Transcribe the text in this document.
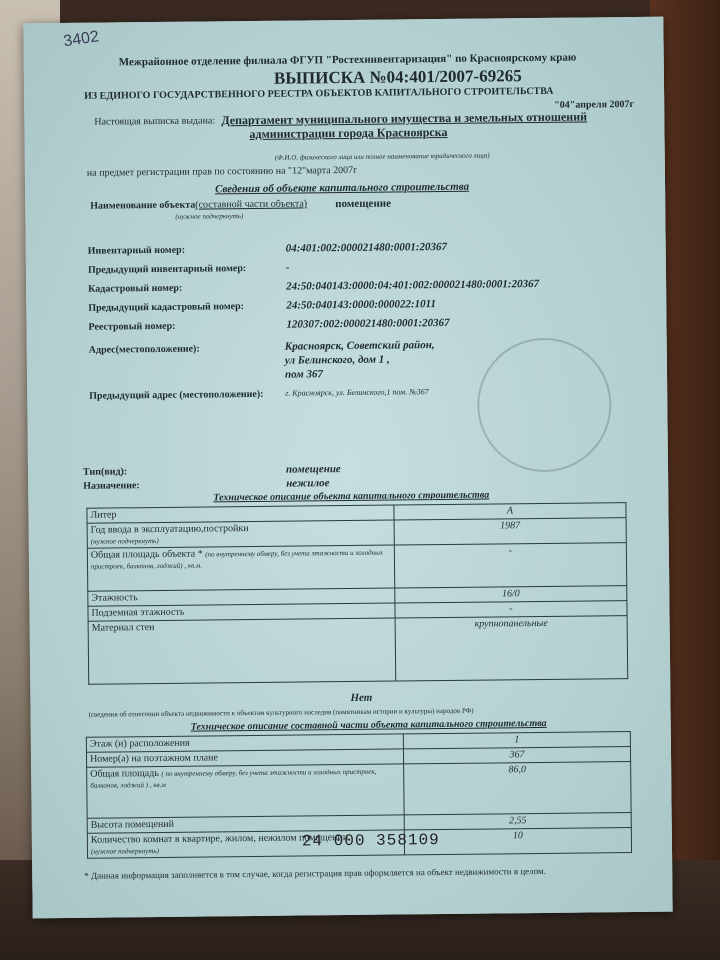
3402
Межрайонное отделение филиала ФГУП "Ростехинвентаризация" по Красноярскому краю
ВЫПИСКА №04:401/2007-69265
ИЗ ЕДИНОГО ГОСУДАРСТВЕННОГО РЕЕСТРА ОБЪЕКТОВ КАПИТАЛЬНОГО СТРОИТЕЛЬСТВА
"04"апреля 2007г
Настоящая выписка выдана: Департамент муниципального имущества и земельных отношений
администрации города Красноярска
(Ф.И.О. физического лица или полное наименование юридического лица)
на предмет регистрации прав по состоянию на "12"марта 2007г
Сведения об объекте капитального строительства
Наименование объекта (составной части объекта)
(нужное подчеркнуть)
помещение
Инвентарный номер:	04:401:002:000021480:0001:20367
Предыдущий инвентарный номер:	-
Кадастровый номер:	24:50:040143:0000:04:401:002:000021480:0001:20367
Предыдущий кадастровый номер:	24:50:040143:0000:000022:1011
Реестровый номер:	120307:002:000021480:0001:20367
Адрес(местоположение):	Красноярск, Советский район,
ул Белинского, дом 1 ,
пом 367
Предыдущий адрес (местоположение):	г. Красноярск, ул. Белинского,1 пом. №367
Тип(вид):	помещение
Назначение:	нежилое
Техническое описание объекта капитального строительства
Литер	А
Год ввода в эксплуатацию,постройки
(нужное подчеркнуть)	1987
Общая площадь объекта * (по внутреннему обмеру, без учета этажности и холодных пристроек, балконов, лоджий) , кв.м.	-
Этажность	16/0
Подземная этажность	-
Материал стен	крупнопанельные
Нет
(сведения об отнесении объекта недвижимости к объектам культурного наследия (памятникам истории и культуры) народов РФ)
Техническое описание составной части объекта капитального строительства
Этаж (и) расположения	1
Номер(а) на поэтажном плане	367
Общая площадь ( по внутреннему обмеру, без учета этажности и холодных пристроек, балконов, лоджий ) , кв.м	86,0
Высота помещений	2,55
Количество комнат в квартире, жилом, нежилом помещении
(нужное подчеркнуть)	10
24 000 358109
* Данная информация заполняется в том случае, когда регистрация прав оформляется на объект недвижимости в целом.
